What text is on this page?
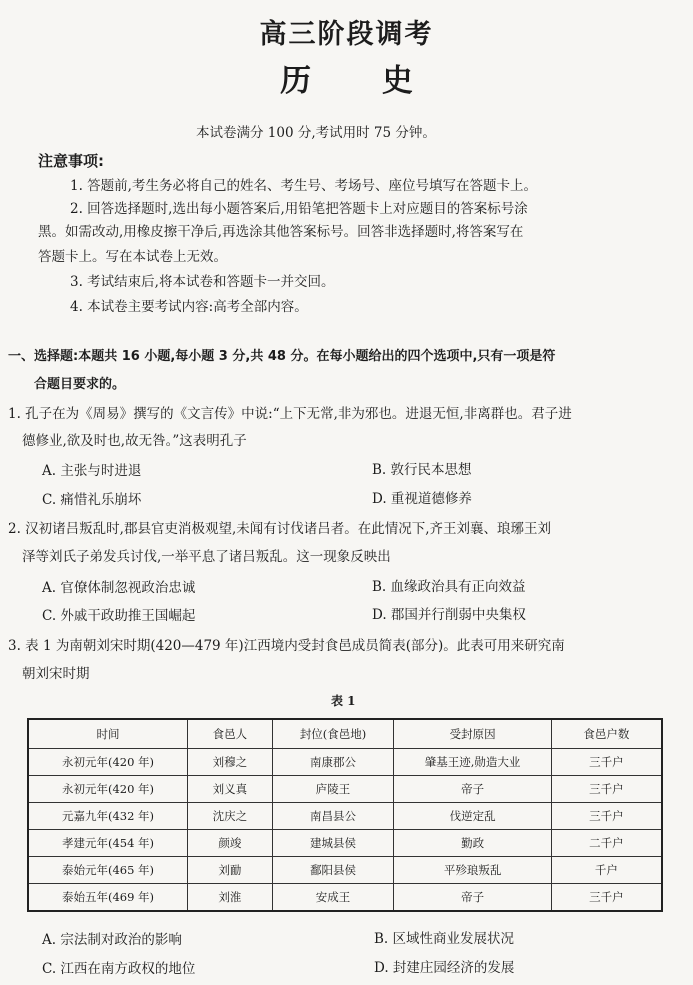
高三阶段调考
历 史
本试卷满分 100 分,考试用时 75 分钟。
注意事项:
1. 答题前,考生务必将自己的姓名、考生号、考场号、座位号填写在答题卡上。
2. 回答选择题时,选出每小题答案后,用铅笔把答题卡上对应题目的答案标号涂
黑。如需改动,用橡皮擦干净后,再选涂其他答案标号。回答非选择题时,将答案写在
答题卡上。写在本试卷上无效。
3. 考试结束后,将本试卷和答题卡一并交回。
4. 本试卷主要考试内容:高考全部内容。
一、选择题:本题共 16 小题,每小题 3 分,共 48 分。在每小题给出的四个选项中,只有一项是符
合题目要求的。
1. 孔子在为《周易》撰写的《文言传》中说:“上下无常,非为邪也。进退无恒,非离群也。君子进
德修业,欲及时也,故无咎。”这表明孔子
A. 主张与时进退	B. 敦行民本思想
C. 痛惜礼乐崩坏	D. 重视道德修养
2. 汉初诸吕叛乱时,郡县官吏消极观望,未闻有讨伐诸吕者。在此情况下,齐王刘襄、琅琊王刘
泽等刘氏子弟发兵讨伐,一举平息了诸吕叛乱。这一现象反映出
A. 官僚体制忽视政治忠诚	B. 血缘政治具有正向效益
C. 外戚干政助推王国崛起	D. 郡国并行削弱中央集权
3. 表 1 为南朝刘宋时期(420—479 年)江西境内受封食邑成员简表(部分)。此表可用来研究南
朝刘宋时期
表 1
时间	食邑人	封位(食邑地)	受封原因	食邑户数
永初元年(420 年)	刘穆之	南康郡公	肇基王迹,勋造大业	三千户
永初元年(420 年)	刘义真	庐陵王	帝子	三千户
元嘉九年(432 年)	沈庆之	南昌县公	伐逆定乱	三千户
孝建元年(454 年)	颜竣	建城县侯	勤政	二千户
泰始元年(465 年)	刘勔	鄱阳县侯	平殄琅叛乱	千户
泰始五年(469 年)	刘淮	安成王	帝子	三千户
A. 宗法制对政治的影响	B. 区域性商业发展状况
C. 江西在南方政权的地位	D. 封建庄园经济的发展
